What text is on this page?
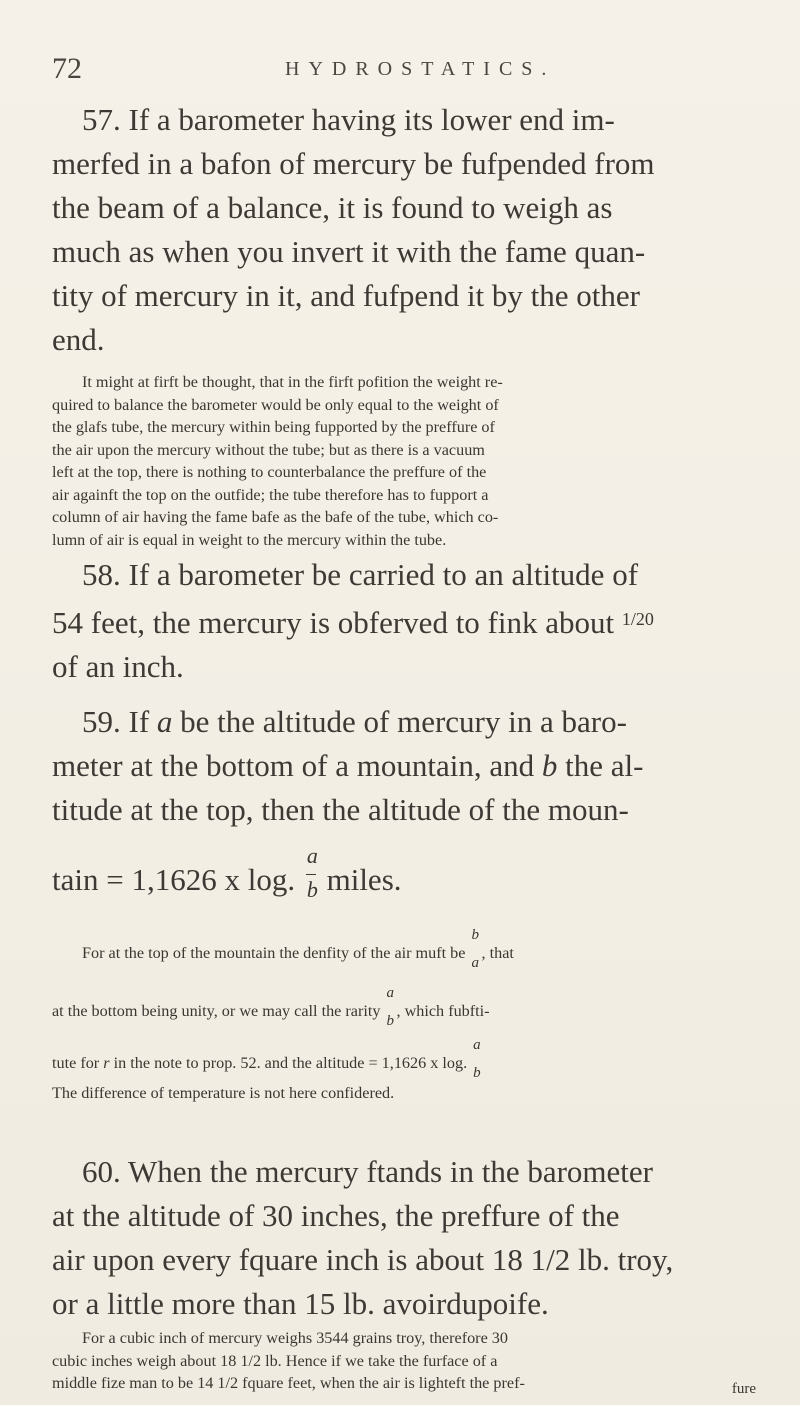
72	HYDROSTATICS.
57. If a barometer having its lower end im-
merfed in a bafon of mercury be fufpended from
the beam of a balance, it is found to weigh as
much as when you invert it with the fame quan-
tity of mercury in it, and fufpend it by the other
end.
It might at firft be thought, that in the firft pofition the weight re-
quired to balance the barometer would be only equal to the weight of
the glafs tube, the mercury within being fupported by the preffure of
the air upon the mercury without the tube; but as there is a vacuum
left at the top, there is nothing to counterbalance the preffure of the
air againft the top on the outfide; the tube therefore has to fupport a
column of air having the fame bafe as the bafe of the tube, which co-
lumn of air is equal in weight to the mercury within the tube.
58. If a barometer be carried to an altitude of
54 feet, the mercury is obferved to fink about $^{1/20}$
of an inch.
59. If a be the altitude of mercury in a baro-
meter at the bottom of a mountain, and b the al-
titude at the top, then the altitude of the moun-
tain = 1,1626 x log.
a
b miles.
For at the top of the mountain the denfity of the air muft be
b
a
, that
at the bottom being unity, or we may call the rarity
a
b
, which fubfti-
tute for r in the note to prop. 52. and the altitude = 1,1626 x log.
a
b
The difference of temperature is not here confidered.
60. When the mercury ftands in the barometer
at the altitude of 30 inches, the preffure of the
air upon every fquare inch is about 18 1/2 lb. troy,
or a little more than 15 lb. avoirdupoife.
For a cubic inch of mercury weighs 3544 grains troy, therefore 30
cubic inches weigh about 18 1/2 lb. Hence if we take the furface of a
middle fize man to be 14 1/2 fquare feet, when the air is lighteft the pref-	fure
